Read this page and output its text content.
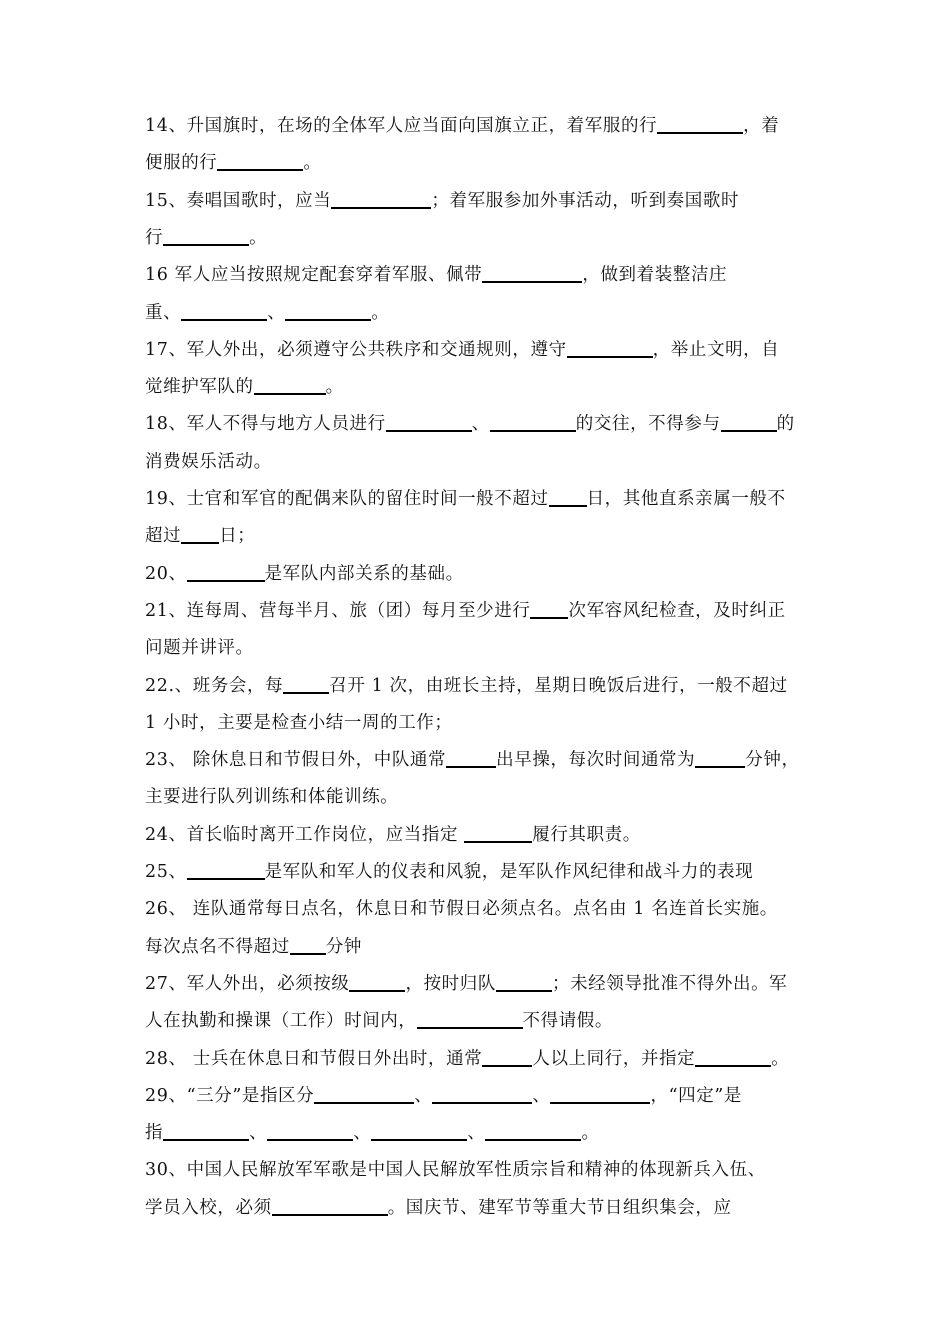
14、升国旗时，在场的全体军人应当面向国旗立正，着军服的行	，着
便服的行	。
15、奏唱国歌时，应当	；着军服参加外事活动，听到奏国歌时
行	。
16 军人应当按照规定配套穿着军服、佩带	，做到着装整洁庄
重、	、	。
17、军人外出，必须遵守公共秩序和交通规则，遵守	，举止文明，自
觉维护军队的	。
18、军人不得与地方人员进行	、	的交往，不得参与	的
消费娱乐活动。
19、士官和军官的配偶来队的留住时间一般不超过 日，其他直系亲属一般不
超过 日；
20、	是军队内部关系的基础。
21、连每周、营每半月、旅（团）每月至少进行 次军容风纪检查，及时纠正
问题并讲评。
22.、班务会，每	召开 1 次，由班长主持，星期日晚饭后进行，一般不超过
1 小时，主要是检查小结一周的工作；
23、 除休息日和节假日外，中队通常	出早操，每次时间通常为	分钟，
主要进行队列训练和体能训练。
24、首长临时离开工作岗位，应当指定	履行其职责。
25、	是军队和军人的仪表和风貌，是军队作风纪律和战斗力的表现
26、 连队通常每日点名，休息日和节假日必须点名。点名由 1 名连首长实施。
每次点名不得超过 分钟
27、军人外出，必须按级	，按时归队	；未经领导批准不得外出。军
人在执勤和操课（工作）时间内，	不得请假。
28、 士兵在休息日和节假日外出时，通常	人以上同行，并指定	。
29、“三分”是指区分	、	、	，“四定”是
指	、	、	、	。
30、中国人民解放军军歌是中国人民解放军性质宗旨和精神的体现新兵入伍、
学员入校，必须	。国庆节、建军节等重大节日组织集会，应
